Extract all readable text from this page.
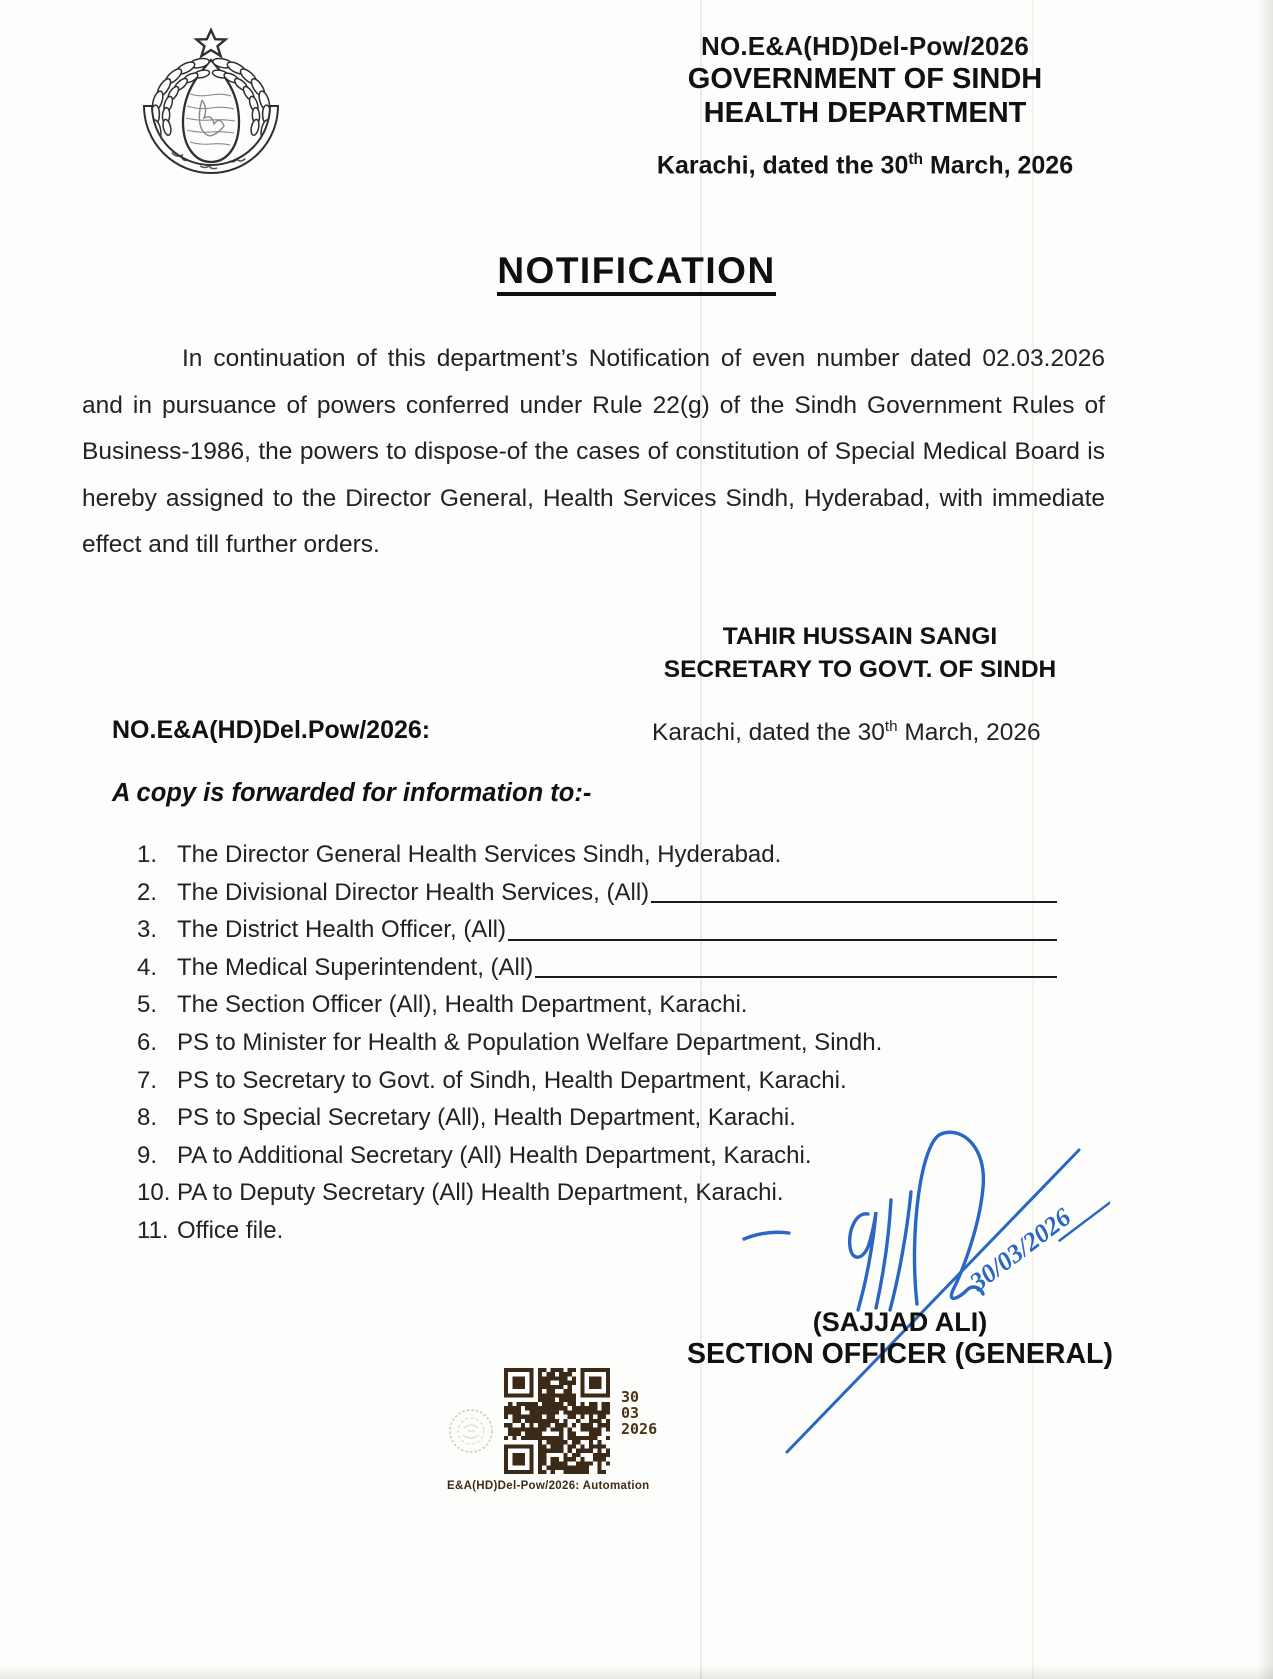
NO.E&A(HD)Del-Pow/2026
GOVERNMENT OF SINDH
HEALTH DEPARTMENT
Karachi, dated the 30th March, 2026
NOTIFICATION
In continuation of this department’s Notification of even number dated 02.03.2026 and in pursuance of powers conferred under Rule 22(g) of the Sindh Government Rules of Business-1986, the powers to dispose-of the cases of constitution of Special Medical Board is hereby assigned to the Director General, Health Services Sindh, Hyderabad, with immediate effect and till further orders.
TAHIR HUSSAIN SANGI
SECRETARY TO GOVT. OF SINDH
NO.E&A(HD)Del.Pow/2026:	Karachi, dated the 30th March, 2026
A copy is forwarded for information to:-
1. The Director General Health Services Sindh, Hyderabad.
2. The Divisional Director Health Services, (All)
3. The District Health Officer, (All)
4. The Medical Superintendent, (All)
5. The Section Officer (All), Health Department, Karachi.
6. PS to Minister for Health & Population Welfare Department, Sindh.
7. PS to Secretary to Govt. of Sindh, Health Department, Karachi.
8. PS to Special Secretary (All), Health Department, Karachi.
9. PA to Additional Secretary (All) Health Department, Karachi.
10. PA to Deputy Secretary (All) Health Department, Karachi.
11. Office file.	30/03/2026
(SAJJAD ALI)
SECTION OFFICER (GENERAL)
30
03
2026
E&A(HD)Del-Pow/2026: Automation
